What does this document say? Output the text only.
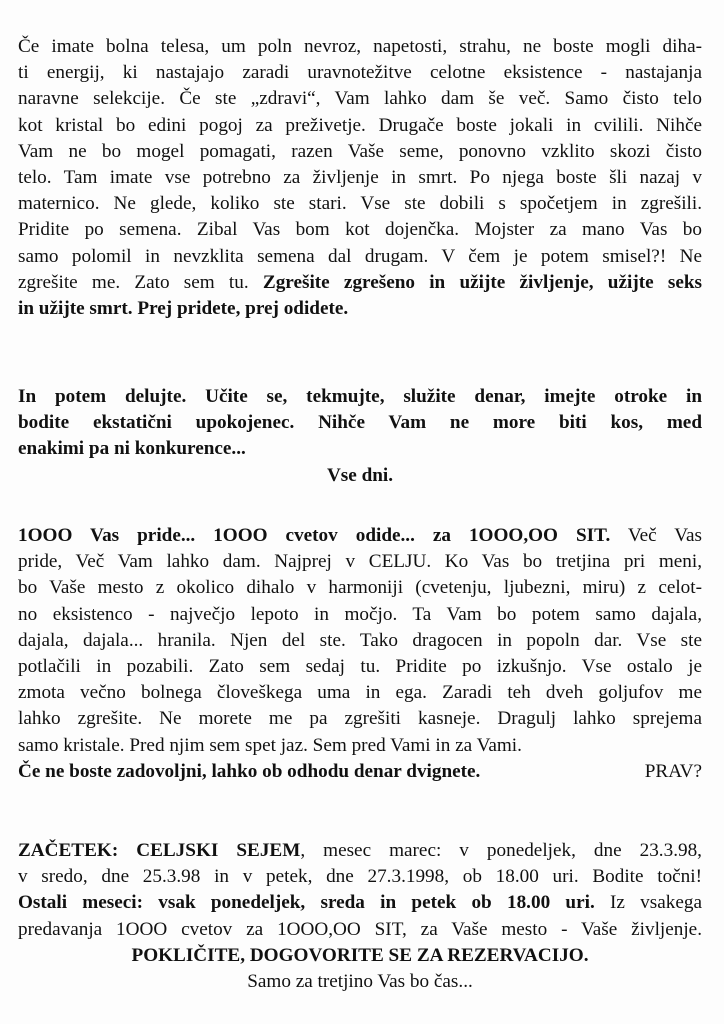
Če imate bolna telesa, um poln nevroz, napetosti, strahu, ne boste mogli diha-
ti energij, ki nastajajo zaradi uravnotežitve celotne eksistence - nastajanja
naravne selekcije. Če ste „zdravi“, Vam lahko dam še več. Samo čisto telo
kot kristal bo edini pogoj za preživetje. Drugače boste jokali in cvilili. Nihče
Vam ne bo mogel pomagati, razen Vaše seme, ponovno vzklito skozi čisto
telo. Tam imate vse potrebno za življenje in smrt. Po njega boste šli nazaj v
maternico. Ne glede, koliko ste stari. Vse ste dobili s spočetjem in zgrešili.
Pridite po semena. Zibal Vas bom kot dojenčka. Mojster za mano Vas bo
samo polomil in nevzklita semena dal drugam. V čem je potem smisel?! Ne
zgrešite me. Zato sem tu. Zgrešite zgrešeno in užijte življenje, užijte seks
in užijte smrt. Prej pridete, prej odidete.
In potem delujte. Učite se, tekmujte, služite denar, imejte otroke in
bodite ekstatični upokojenec. Nihče Vam ne more biti kos, med
enakimi pa ni konkurence...
Vse dni.
1OOO Vas pride... 1OOO cvetov odide... za 1OOO,OO SIT. Več Vas
pride, Več Vam lahko dam. Najprej v CELJU. Ko Vas bo tretjina pri meni,
bo Vaše mesto z okolico dihalo v harmoniji (cvetenju, ljubezni, miru) z celot-
no eksistenco - največjo lepoto in močjo. Ta Vam bo potem samo dajala,
dajala, dajala... hranila. Njen del ste. Tako dragocen in popoln dar. Vse ste
potlačili in pozabili. Zato sem sedaj tu. Pridite po izkušnjo. Vse ostalo je
zmota večno bolnega človeškega uma in ega. Zaradi teh dveh goljufov me
lahko zgrešite. Ne morete me pa zgrešiti kasneje. Dragulj lahko sprejema
samo kristale. Pred njim sem spet jaz. Sem pred Vami in za Vami.
Če ne boste zadovoljni, lahko ob odhodu denar dvignete.	PRAV?
ZAČETEK: CELJSKI SEJEM, mesec marec: v ponedeljek, dne 23.3.98,
v sredo, dne 25.3.98 in v petek, dne 27.3.1998, ob 18.00 uri. Bodite točni!
Ostali meseci: vsak ponedeljek, sreda in petek ob 18.00 uri. Iz vsakega
predavanja 1OOO cvetov za 1OOO,OO SIT, za Vaše mesto - Vaše življenje.
POKLIČITE, DOGOVORITE SE ZA REZERVACIJO.
Samo za tretjino Vas bo čas...
